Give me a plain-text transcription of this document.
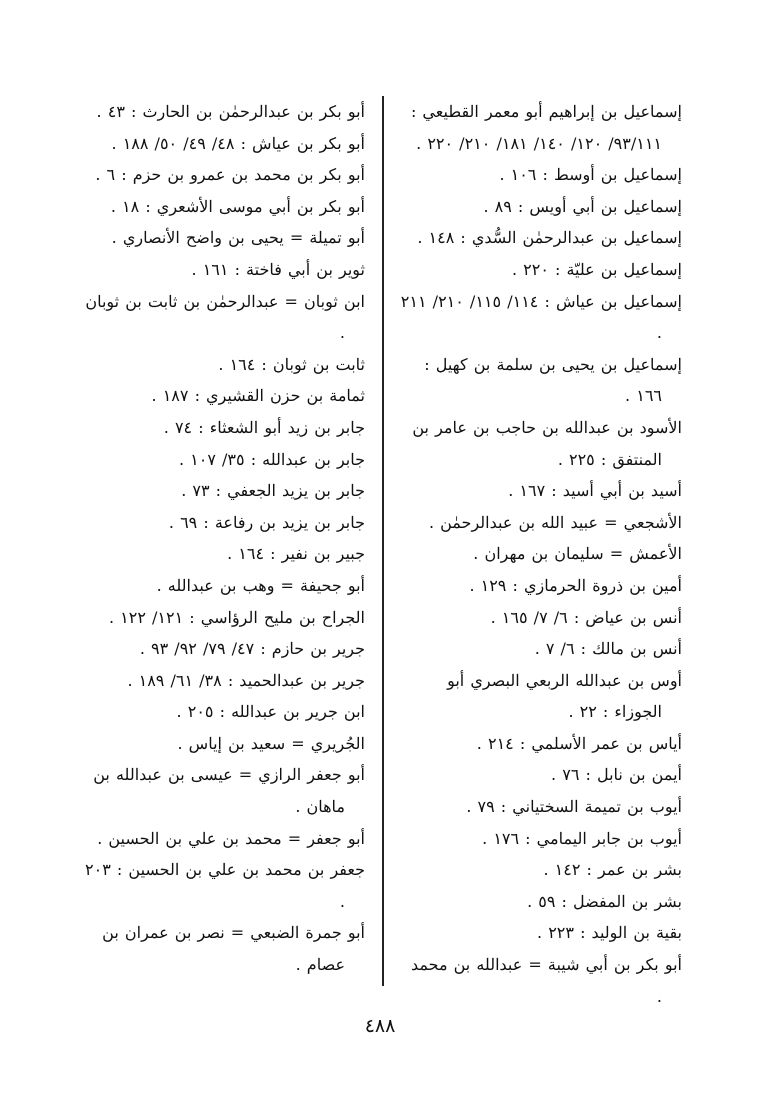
إسماعيل بن إبراهيم أبو معمر القطيعي : ٩٣/١١١/ ١٢٠/ ١٤٠/ ١٨١/ ٢١٠/ ٢٢٠ .
إسماعيل بن أوسط : ١٠٦ .
إسماعيل بن أبي أويس : ٨٩ .
إسماعيل بن عبدالرحمٰن السُّدي : ١٤٨ .
إسماعيل بن عليّة : ٢٢٠ .
إسماعيل بن عياش : ١١٤/ ١١٥/ ٢١٠/ ٢١١ .
إسماعيل بن يحيى بن سلمة بن كهيل : ١٦٦ .
الأسود بن عبدالله بن حاجب بن عامر بن المنتفق : ٢٢٥ .
أسيد بن أبي أسيد : ١٦٧ .
الأشجعي = عبيد الله بن عبدالرحمٰن .
الأعمش = سليمان بن مهران .
أمين بن ذروة الحرمازي : ١٢٩ .
أنس بن عياض : ٦/ ٧/ ١٦٥ .
أنس بن مالك : ٦/ ٧ .
أوس بن عبدالله الربعي البصري أبو الجوزاء : ٢٢ .
أياس بن عمر الأسلمي : ٢١٤ .
أيمن بن نابل : ٧٦ .
أيوب بن تميمة السختياني : ٧٩ .
أيوب بن جابر اليمامي : ١٧٦ .
بشر بن عمر : ١٤٢ .
بشر بن المفضل : ٥٩ .
بقية بن الوليد : ٢٢٣ .
أبو بكر بن أبي شيبة = عبدالله بن محمد .
أبو بكر بن عبدالرحمٰن بن الحارث : ٤٣ .
أبو بكر بن عياش : ٤٨/ ٤٩/ ٥٠/ ١٨٨ .
أبو بكر بن محمد بن عمرو بن حزم : ٦ .
أبو بكر بن أبي موسى الأشعري : ١٨ .
أبو تميلة = يحيى بن واضح الأنصاري .
ثوير بن أبي فاختة : ١٦١ .
ابن ثوبان = عبدالرحمٰن بن ثابت بن ثوبان .
ثابت بن ثوبان : ١٦٤ .
ثمامة بن حزن القشيري : ١٨٧ .
جابر بن زيد أبو الشعثاء : ٧٤ .
جابر بن عبدالله : ٣٥/ ١٠٧ .
جابر بن يزيد الجعفي : ٧٣ .
جابر بن يزيد بن رفاعة : ٦٩ .
جبير بن نفير : ١٦٤ .
أبو جحيفة = وهب بن عبدالله .
الجراح بن مليح الرؤاسي : ١٢١/ ١٢٢ .
جرير بن حازم : ٤٧/ ٧٩/ ٩٢/ ٩٣ .
جرير بن عبدالحميد : ٣٨/ ٦١/ ١٨٩ .
ابن جرير بن عبدالله : ٢٠٥ .
الجُريري = سعيد بن إياس .
أبو جعفر الرازي = عيسى بن عبدالله بن ماهان .
أبو جعفر = محمد بن علي بن الحسين .
جعفر بن محمد بن علي بن الحسين : ٢٠٣ .
أبو جمرة الضبعي = نصر بن عمران بن عصام .
٤٨٨
